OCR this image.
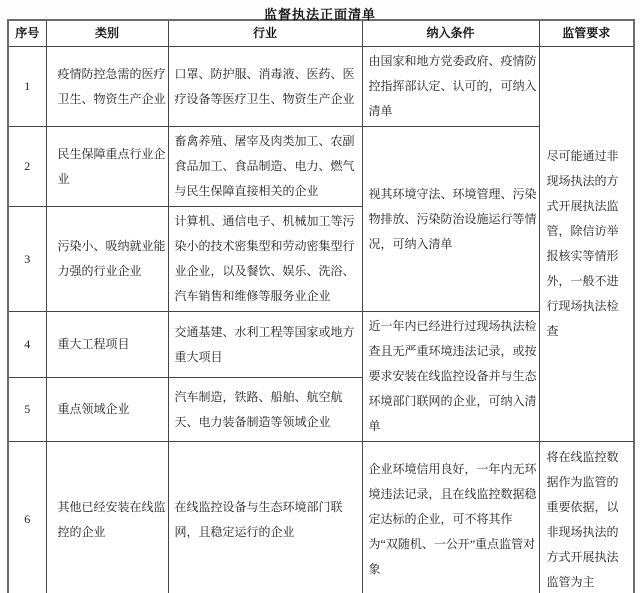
监督执法正面清单
序号	类别	行业	纳入条件	监管要求
1	疫情防控急需的医疗卫生、物资生产企业	口罩、防护服、消毒液、医药、医疗设备等医疗卫生、物资生产企业	由国家和地方党委政府、疫情防控指挥部认定、认可的，可纳入清单	尽可能通过非现场执法的方式开展执法监管，除信访举报核实等情形外，一般不进行现场执法检查
2	民生保障重点行业企业	畜禽养殖、屠宰及肉类加工、农副食品加工、食品制造、电力、燃气与民生保障直接相关的企业	视其环境守法、环境管理、污染物排放、污染防治设施运行等情况，可纳入清单	
3	污染小、吸纳就业能力强的行业企业	计算机、通信电子、机械加工等污染小的技术密集型和劳动密集型行业企业，以及餐饮、娱乐、洗浴、汽车销售和维修等服务业企业		
4	重大工程项目	交通基建、水利工程等国家或地方重大项目	近一年内已经进行过现场执法检查且无严重环境违法记录，或按要求安装在线监控设备并与生态环境部门联网的企业，可纳入清单	
5	重点领域企业	汽车制造，铁路、船舶、航空航天、电力装备制造等领域企业		
6	其他已经安装在线监控的企业	在线监控设备与生态环境部门联网，且稳定运行的企业	企业环境信用良好，一年内无环境违法记录，且在线监控数据稳定达标的企业，可不将其作为“双随机、一公开”重点监管对象	将在线监控数据作为监管的重要依据，以非现场执法的方式开展执法监管为主
